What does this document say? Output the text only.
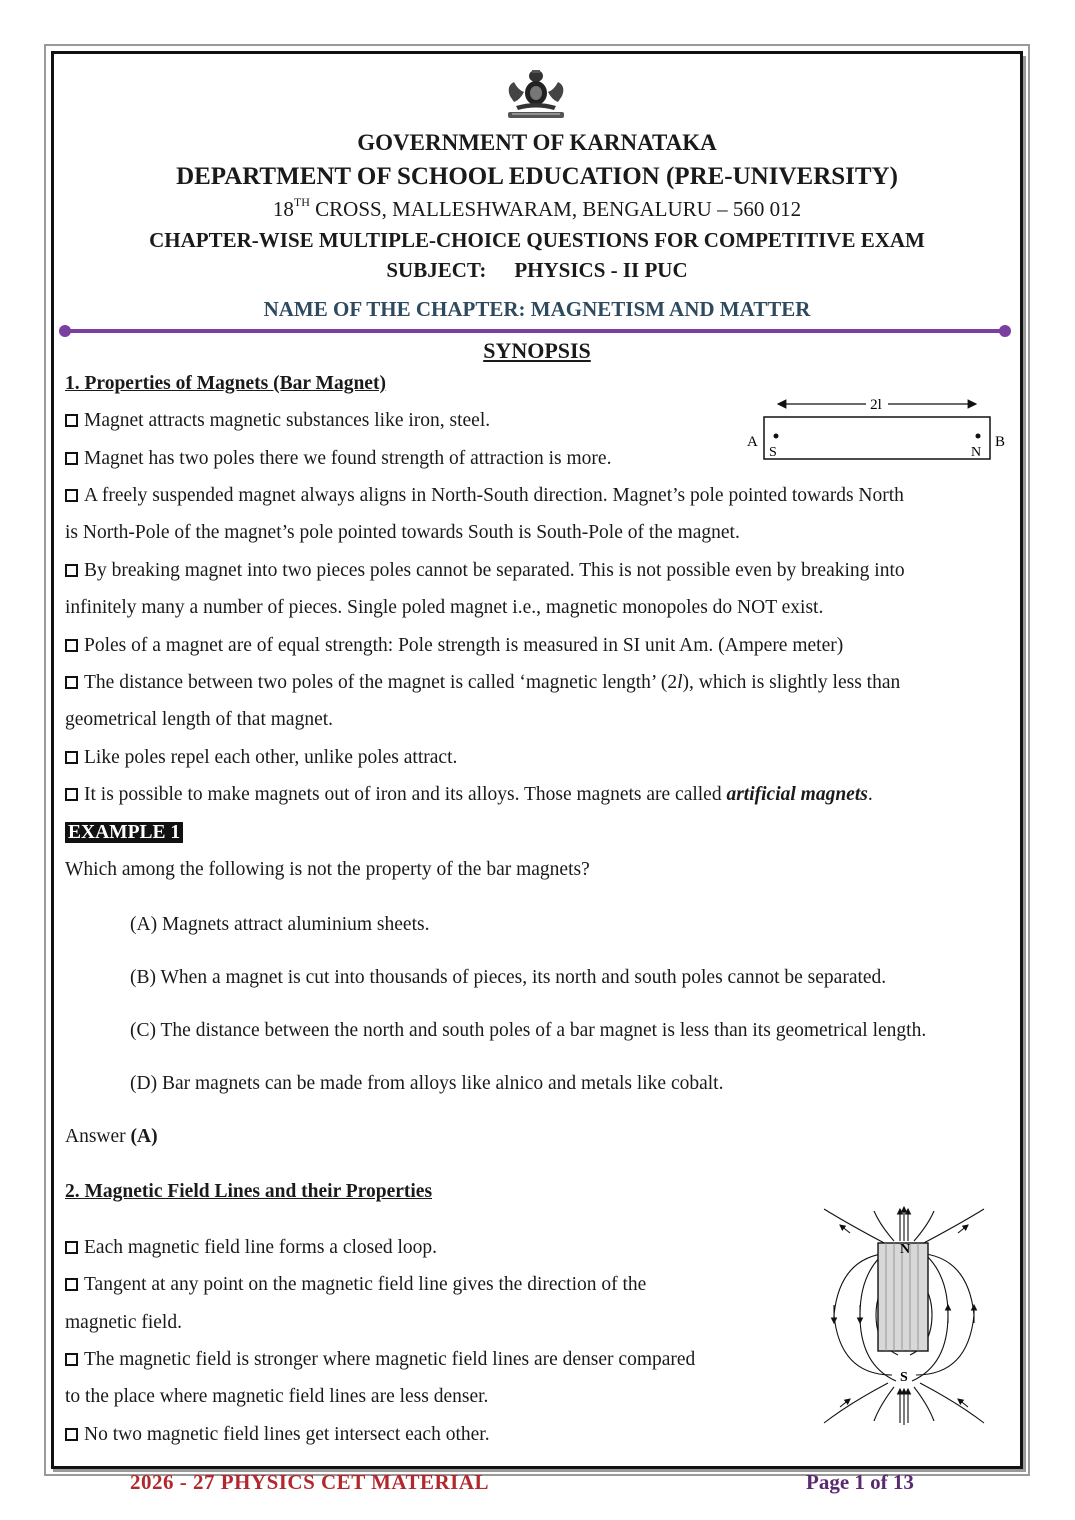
GOVERNMENT OF KARNATAKA
DEPARTMENT OF SCHOOL EDUCATION (PRE-UNIVERSITY)
18TH CROSS, MALLESHWARAM, BENGALURU – 560 012
CHAPTER-WISE MULTIPLE-CHOICE QUESTIONS FOR COMPETITIVE EXAM
SUBJECT: PHYSICS - II PUC
NAME OF THE CHAPTER: MAGNETISM AND MATTER
SYNOPSIS
1. Properties of Magnets (Bar Magnet)
Magnet attracts magnetic substances like iron, steel.
Magnet has two poles there we found strength of attraction is more.
A freely suspended magnet always aligns in North-South direction. Magnet’s pole pointed towards North
is North-Pole of the magnet’s pole pointed towards South is South-Pole of the magnet.
By breaking magnet into two pieces poles cannot be separated. This is not possible even by breaking into
infinitely many a number of pieces. Single poled magnet i.e., magnetic monopoles do NOT exist.
Poles of a magnet are of equal strength: Pole strength is measured in SI unit Am. (Ampere meter)
The distance between two poles of the magnet is called ‘magnetic length’ (2l), which is slightly less than
geometrical length of that magnet.
Like poles repel each other, unlike poles attract.
It is possible to make magnets out of iron and its alloys. Those magnets are called artificial magnets.
2l
A	B
S	N
EXAMPLE 1
Which among the following is not the property of the bar magnets?
(A) Magnets attract aluminium sheets.
(B) When a magnet is cut into thousands of pieces, its north and south poles cannot be separated.
(C) The distance between the north and south poles of a bar magnet is less than its geometrical length.
(D) Bar magnets can be made from alloys like alnico and metals like cobalt.
Answer (A)
2. Magnetic Field Lines and their Properties
Each magnetic field line forms a closed loop.
Tangent at any point on the magnetic field line gives the direction of the
magnetic field.
The magnetic field is stronger where magnetic field lines are denser compared
to the place where magnetic field lines are less denser.
No two magnetic field lines get intersect each other.
N
S
2026 - 27 PHYSICS CET MATERIAL	Page 1 of 13
